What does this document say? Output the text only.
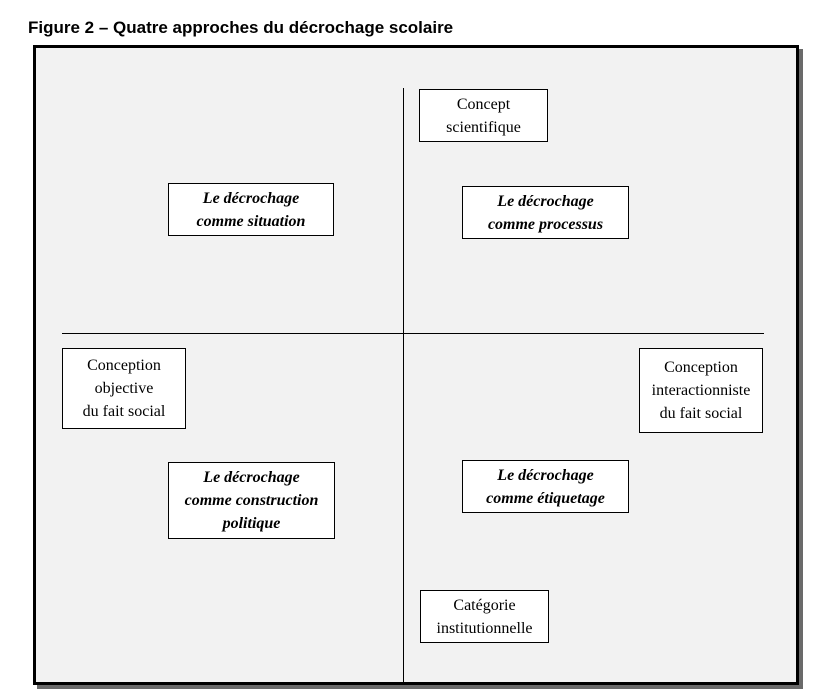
Figure 2 – Quatre approches du décrochage scolaire
Concept
scientifique
Le décrochage
comme situation
Le décrochage
comme processus
Conception
objective
du fait social
Conception
interactionniste
du fait social
Le décrochage
comme construction
politique
Le décrochage
comme étiquetage
Catégorie
institutionnelle
